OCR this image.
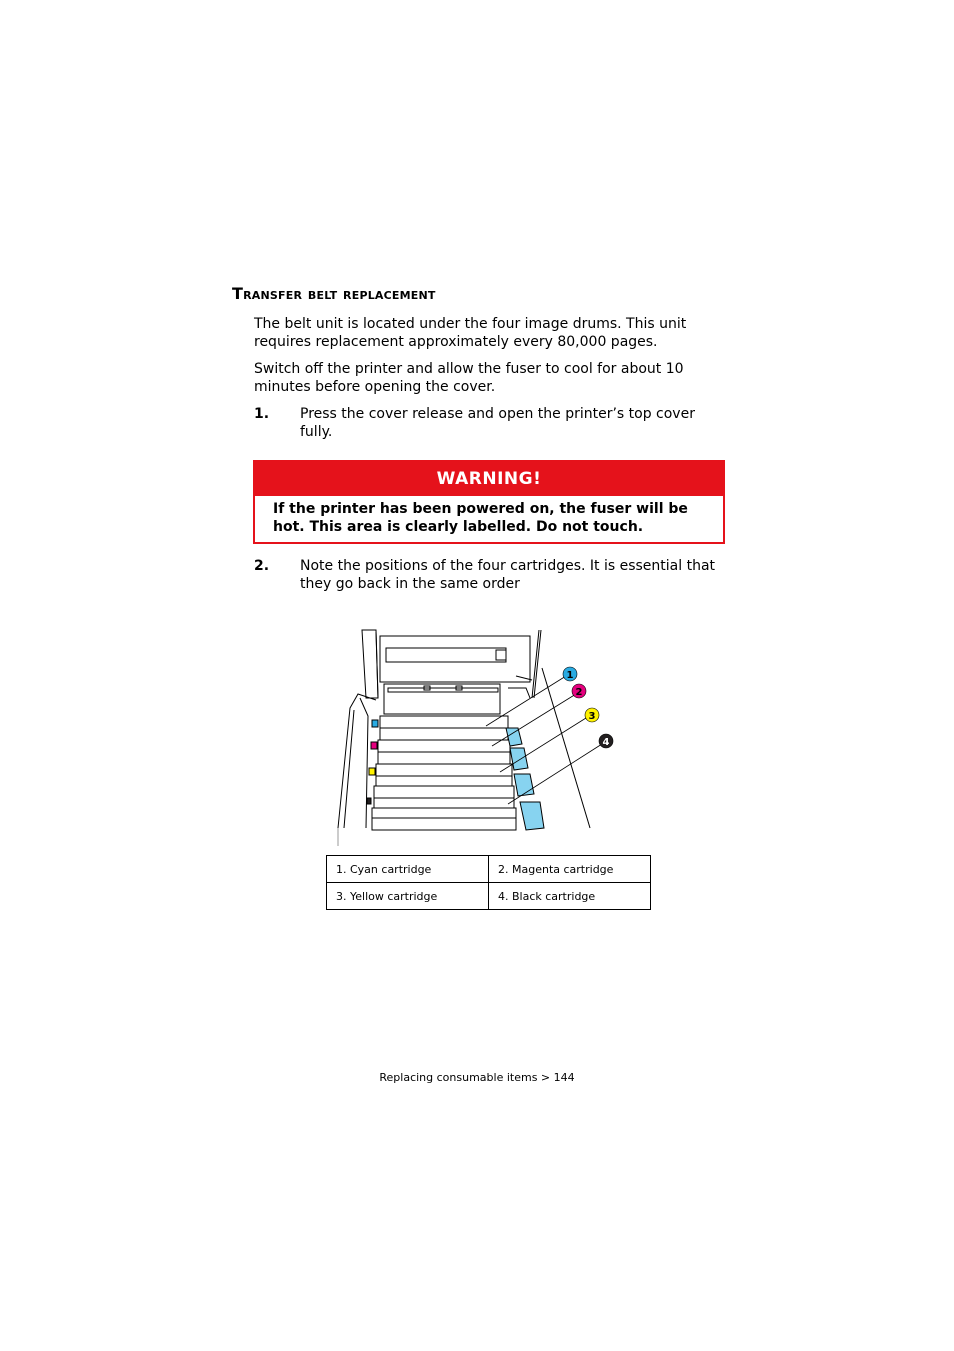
Transfer belt replacement

The belt unit is located under the four image drums. This unit requires replacement approximately every 80,000 pages.

Switch off the printer and allow the fuser to cool for about 10 minutes before opening the cover.

1. Press the cover release and open the printer’s top cover fully.
WARNING!
If the printer has been powered on, the fuser will be hot. This area is clearly labelled. Do not touch.
2. Note the positions of the four cartridges. It is essential that they go back in the same order
1
2
3
4
1. Cyan cartridge	2. Magenta cartridge
3. Yellow cartridge	4. Black cartridge
Replacing consumable items > 144
